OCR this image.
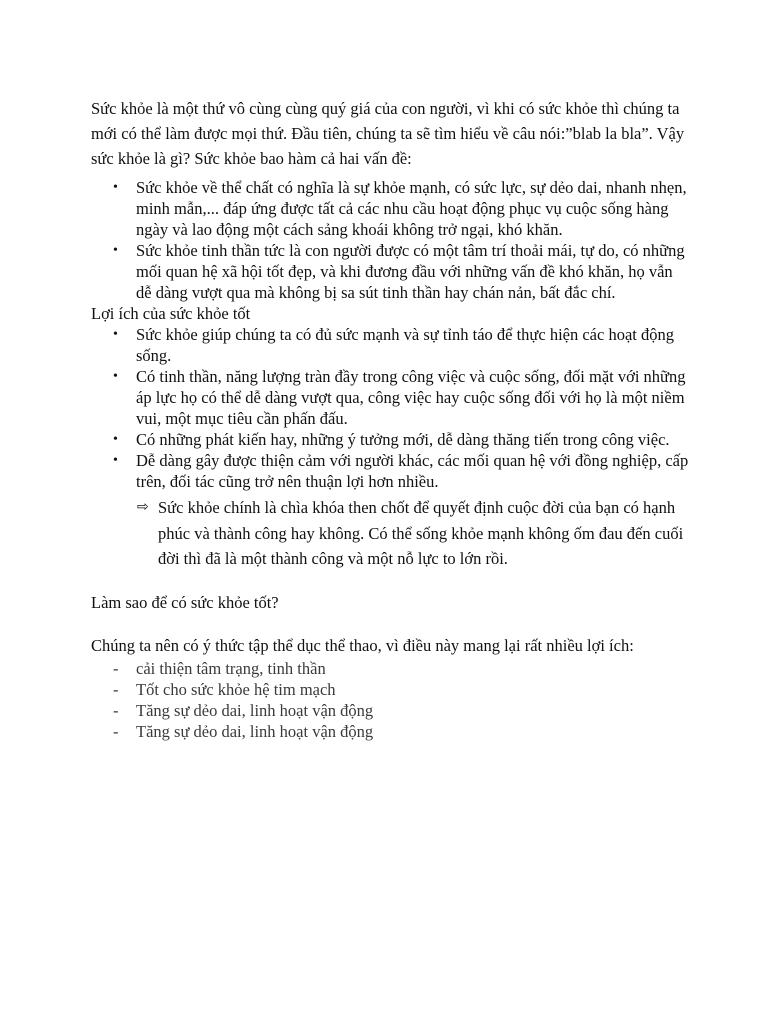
Sức khỏe là một thứ vô cùng cùng quý giá của con người, vì khi có sức khỏe thì chúng ta mới có thể làm được mọi thứ. Đầu tiên, chúng ta sẽ tìm hiểu về câu nói:”blab la bla”. Vậy sức khỏe là gì? Sức khỏe bao hàm cả hai vấn đề:

• Sức khỏe về thể chất có nghĩa là sự khỏe mạnh, có sức lực, sự dẻo dai, nhanh nhẹn, minh mẫn,... đáp ứng được tất cả các nhu cầu hoạt động phục vụ cuộc sống hàng ngày và lao động một cách sảng khoái không trở ngại, khó khăn.
• Sức khỏe tinh thần tức là con người được có một tâm trí thoải mái, tự do, có những mối quan hệ xã hội tốt đẹp, và khi đương đầu với những vấn đề khó khăn, họ vẫn dễ dàng vượt qua mà không bị sa sút tinh thần hay chán nản, bất đắc chí.

Lợi ích của sức khỏe tốt

• Sức khỏe giúp chúng ta có đủ sức mạnh và sự tỉnh táo để thực hiện các hoạt động sống.
• Có tinh thần, năng lượng tràn đầy trong công việc và cuộc sống, đối mặt với những áp lực họ có thể dễ dàng vượt qua, công việc hay cuộc sống đối với họ là một niềm vui, một mục tiêu cần phấn đấu.
• Có những phát kiến hay, những ý tưởng mới, dễ dàng thăng tiến trong công việc.
• Dễ dàng gây được thiện cảm với người khác, các mối quan hệ với đồng nghiệp, cấp trên, đối tác cũng trở nên thuận lợi hơn nhiều.
⇨ Sức khỏe chính là chìa khóa then chốt để quyết định cuộc đời của bạn có hạnh phúc và thành công hay không. Có thể sống khỏe mạnh không ốm đau đến cuối đời thì đã là một thành công và một nỗ lực to lớn rồi.

Làm sao để có sức khỏe tốt?

Chúng ta nên có ý thức tập thể dục thể thao, vì điều này mang lại rất nhiều lợi ích:

- cải thiện tâm trạng, tinh thần
- Tốt cho sức khỏe hệ tim mạch
- Tăng sự dẻo dai, linh hoạt vận động
- Tăng sự dẻo dai, linh hoạt vận động
